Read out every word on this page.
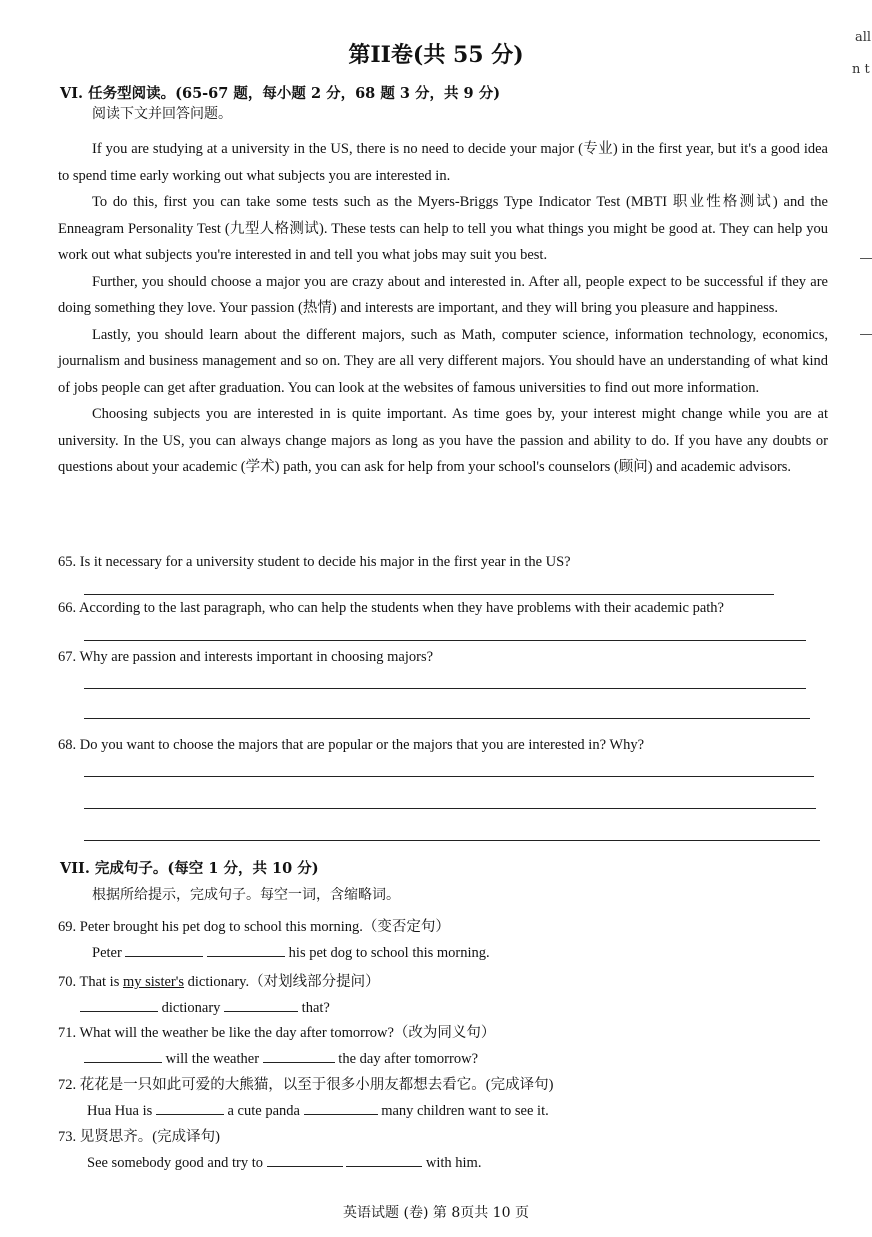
第II卷(共 55 分)
all
n t
VI. 任务型阅读。(65-67 题，每小题 2 分，68 题 3 分，共 9 分)
阅读下文并回答问题。

If you are studying at a university in the US, there is no need to decide your major (专业) in the first year, but it's a good idea to spend time early working out what subjects you are interested in.

To do this, first you can take some tests such as the Myers-Briggs Type Indicator Test (MBTI 职业性格测试) and the Enneagram Personality Test (九型人格测试). These tests can help to tell you what things you might be good at. They can help you work out what subjects you're interested in and tell you what jobs may suit you best.

Further, you should choose a major you are crazy about and interested in. After all, people expect to be successful if they are doing something they love. Your passion (热情) and interests are important, and they will bring you pleasure and happiness.

Lastly, you should learn about the different majors, such as Math, computer science, information technology, economics, journalism and business management and so on. They are all very different majors. You should have an understanding of what kind of jobs people can get after graduation. You can look at the websites of famous universities to find out more information.

Choosing subjects you are interested in is quite important. As time goes by, your interest might change while you are at university. In the US, you can always change majors as long as you have the passion and ability to do. If you have any doubts or questions about your academic (学术) path, you can ask for help from your school's counselors (顾问) and academic advisors.

65. Is it necessary for a university student to decide his major in the first year in the US?
66. According to the last paragraph, who can help the students when they have problems with their academic path?
67. Why are passion and interests important in choosing majors?
68. Do you want to choose the majors that are popular or the majors that you are interested in? Why?
VII. 完成句子。(每空 1 分，共 10 分)
根据所给提示，完成句子。每空一词，含缩略词。
69. Peter brought his pet dog to school this morning.（变否定句）
Peter	his pet dog to school this morning.
70. That is my sister's dictionary.（对划线部分提问）
dictionary	that?
71. What will the weather be like the day after tomorrow?（改为同义句）
will the weather	the day after tomorrow?
72. 花花是一只如此可爱的大熊猫，以至于很多小朋友都想去看它。(完成译句)
Hua Hua is	a cute panda	many children want to see it.
73. 见贤思齐。(完成译句)
See somebody good and try to	with him.
英语试题 (卷) 第 8页共 10 页
